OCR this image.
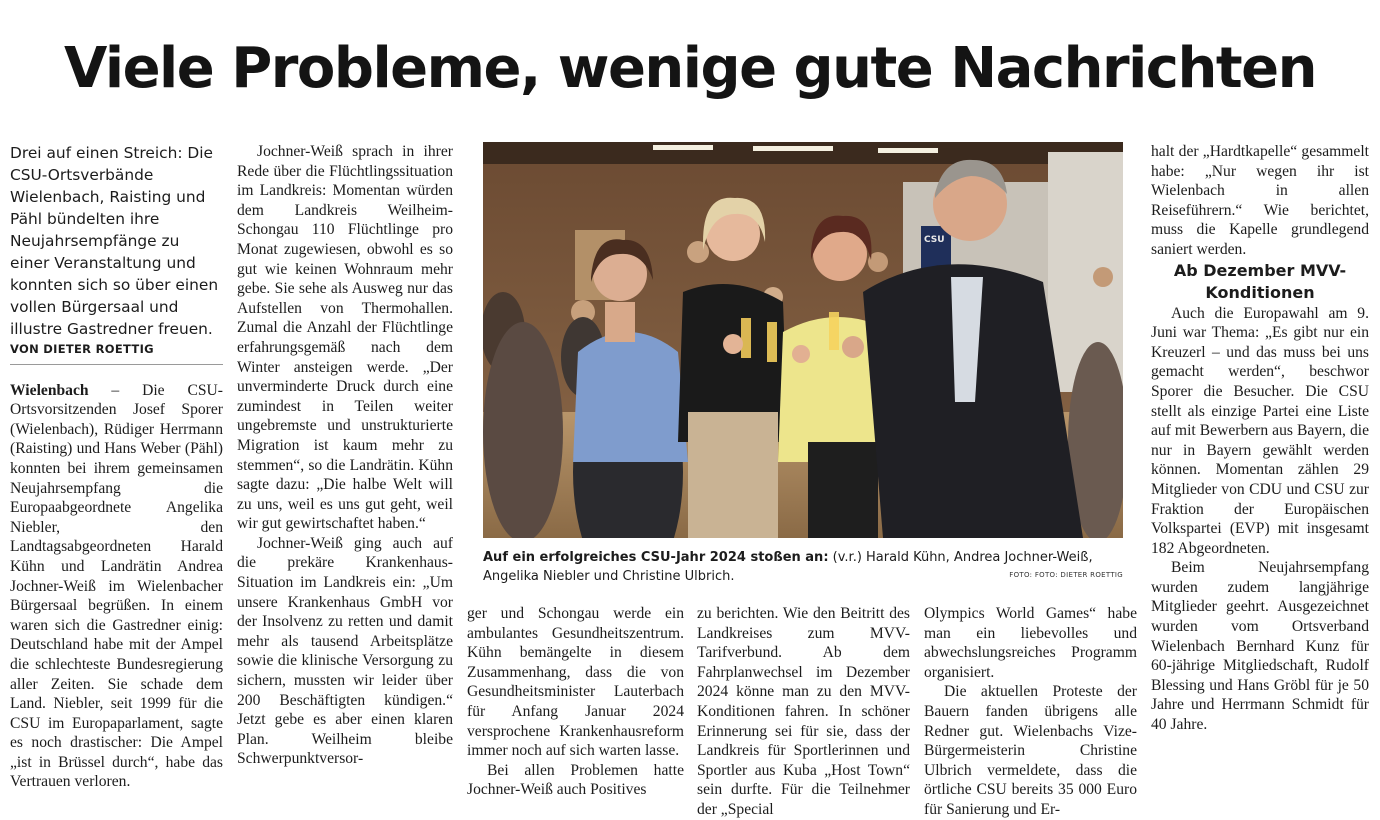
Viele Probleme, wenige gute Nachrichten

Drei auf einen Streich: Die CSU-Ortsverbände Wielenbach, Raisting und Pähl bündelten ihre Neujahrsempfänge zu einer Veranstaltung und konnten sich so über einen vollen Bürgersaal und illustre Gastredner freuen.

VON DIETER ROETTIG

Wielenbach – Die CSU-Ortsvorsitzenden Josef Sporer (Wielenbach), Rüdiger Herrmann (Raisting) und Hans Weber (Pähl) konnten bei ihrem gemeinsamen Neujahrsempfang die Europaabgeordnete Angelika Niebler, den Landtagsabgeordneten Harald Kühn und Landrätin Andrea Jochner-Weiß im Wielenbacher Bürgersaal begrüßen. In einem waren sich die Gastredner einig: Deutschland habe mit der Ampel die schlechteste Bundesregierung aller Zeiten. Sie schade dem Land. Niebler, seit 1999 für die CSU im Europaparlament, sagte es noch drastischer: Die Ampel „ist in Brüssel durch“, habe das Vertrauen verloren.

Jochner-Weiß sprach in ihrer Rede über die Flüchtlingssituation im Landkreis: Momentan würden dem Landkreis Weilheim-Schongau 110 Flüchtlinge pro Monat zugewiesen, obwohl es so gut wie keinen Wohnraum mehr gebe. Sie sehe als Ausweg nur das Aufstellen von Thermohallen. Zumal die Anzahl der Flüchtlinge erfahrungsgemäß nach dem Winter ansteigen werde. „Der unverminderte Druck durch eine zumindest in Teilen weiter ungebremste und unstrukturierte Migration ist kaum mehr zu stemmen“, so die Landrätin. Kühn sagte dazu: „Die halbe Welt will zu uns, weil es uns gut geht, weil wir gut gewirtschaftet haben.“

Jochner-Weiß ging auch auf die prekäre Krankenhaus-Situation im Landkreis ein: „Um unsere Krankenhaus GmbH vor der Insolvenz zu retten und damit mehr als tausend Arbeitsplätze sowie die klinische Versorgung zu sichern, mussten wir leider über 200 Beschäftigten kündigen.“ Jetzt gebe es aber einen klaren Plan. Weilheim bleibe Schwerpunktversor-

CSU
Auf ein erfolgreiches CSU-Jahr 2024 stoßen an: (v.r.) Harald Kühn, Andrea Jochner-Weiß, Angelika Niebler und Christine Ulbrich.	FOTO: FOTO: DIETER ROETTIG

ger und Schongau werde ein ambulantes Gesundheitszentrum. Kühn bemängelte in diesem Zusammenhang, dass die von Gesundheitsminister Lauterbach für Anfang Januar 2024 versprochene Krankenhausreform immer noch auf sich warten lasse.

Bei allen Problemen hatte Jochner-Weiß auch Positives

zu berichten. Wie den Beitritt des Landkreises zum MVV-Tarifverbund. Ab dem Fahrplanwechsel im Dezember 2024 könne man zu den MVV-Konditionen fahren. In schöner Erinnerung sei für sie, dass der Landkreis für Sportlerinnen und Sportler aus Kuba „Host Town“ sein durfte. Für die Teilnehmer der „Special

Olympics World Games“ habe man ein liebevolles und abwechslungsreiches Programm organisiert.

Die aktuellen Proteste der Bauern fanden übrigens alle Redner gut. Wielenbachs Vize-Bürgermeisterin Christine Ulbrich vermeldete, dass die örtliche CSU bereits 35 000 Euro für Sanierung und Er-

halt der „Hardtkapelle“ gesammelt habe: „Nur wegen ihr ist Wielenbach in allen Reiseführern.“ Wie berichtet, muss die Kapelle grundlegend saniert werden.

Ab Dezember MVV-Konditionen

Auch die Europawahl am 9. Juni war Thema: „Es gibt nur ein Kreuzerl – und das muss bei uns gemacht werden“, beschwor Sporer die Besucher. Die CSU stellt als einzige Partei eine Liste auf mit Bewerbern aus Bayern, die nur in Bayern gewählt werden können. Momentan zählen 29 Mitglieder von CDU und CSU zur Fraktion der Europäischen Volkspartei (EVP) mit insgesamt 182 Abgeordneten.

Beim Neujahrsempfang wurden zudem langjährige Mitglieder geehrt. Ausgezeichnet wurden vom Ortsverband Wielenbach Bernhard Kunz für 60-jährige Mitgliedschaft, Rudolf Blessing und Hans Gröbl für je 50 Jahre und Herrmann Schmidt für 40 Jahre.
